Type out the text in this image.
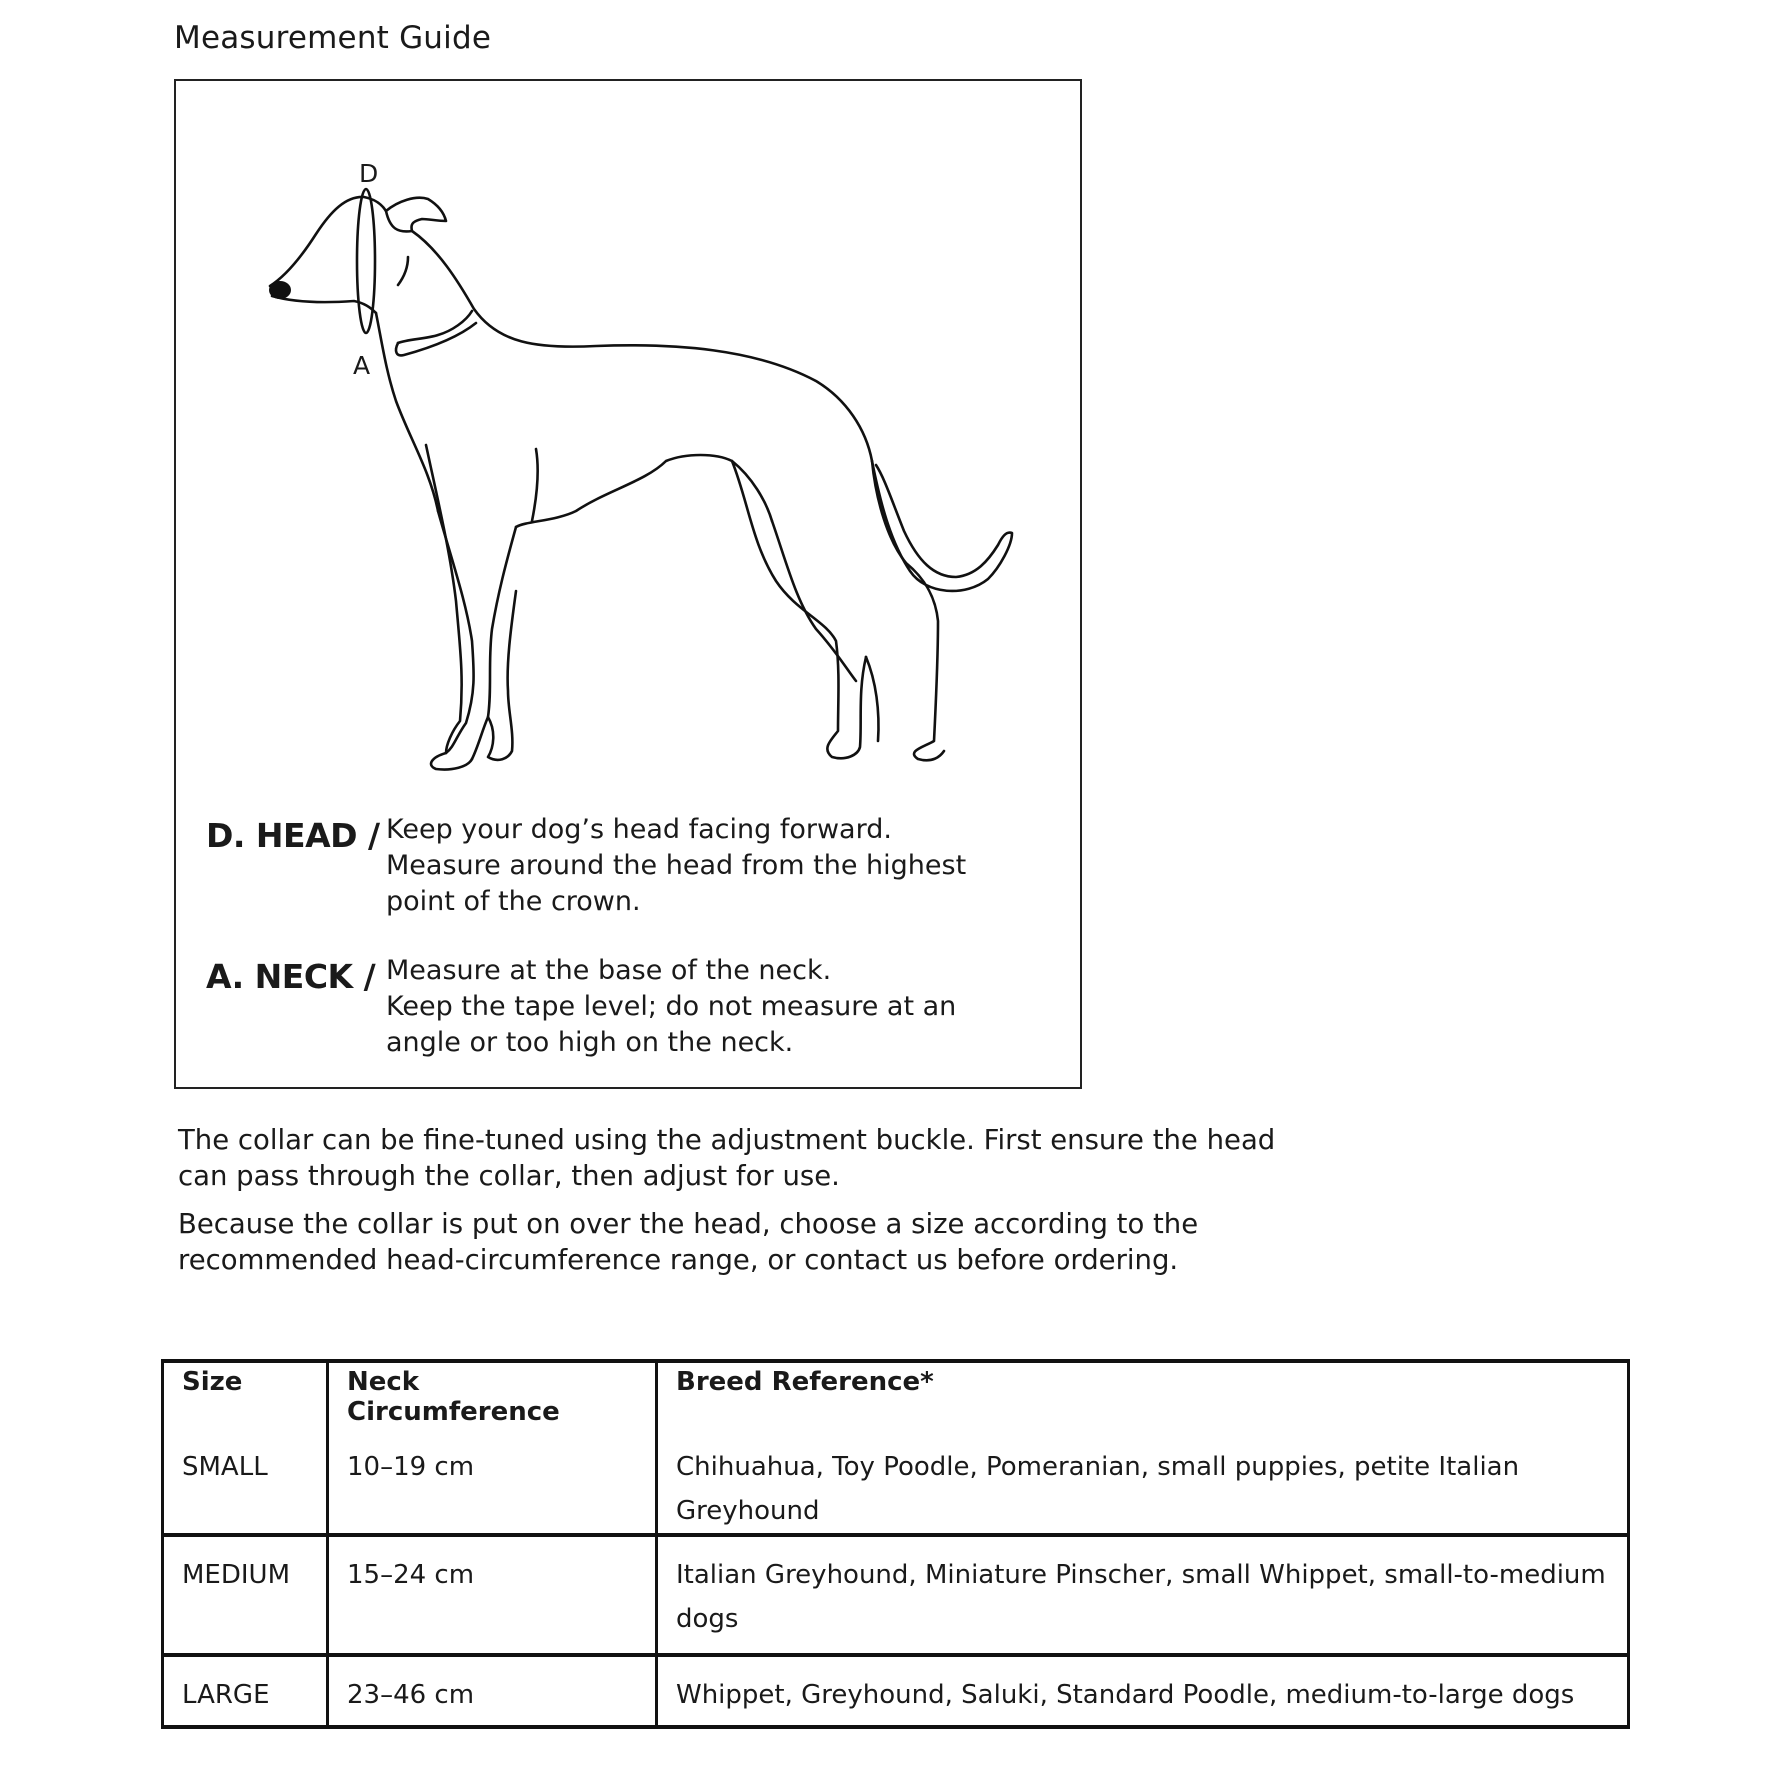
Measurement Guide
D
A
D. HEAD / Keep your dog’s head facing forward.
Measure around the head from the highest
point of the crown.
A. NECK / Measure at the base of the neck.
Keep the tape level; do not measure at an
angle or too high on the neck.
The collar can be fine-tuned using the adjustment buckle. First ensure the head
can pass through the collar, then adjust for use.
Because the collar is put on over the head, choose a size according to the
recommended head-circumference range, or contact us before ordering.
Size	Neck Circumference	Breed Reference*
SMALL	10–19 cm	Chihuahua, Toy Poodle, Pomeranian, small puppies, petite Italian Greyhound
MEDIUM	15–24 cm	Italian Greyhound, Miniature Pinscher, small Whippet, small-to-medium dogs
LARGE	23–46 cm	Whippet, Greyhound, Saluki, Standard Poodle, medium-to-large dogs
